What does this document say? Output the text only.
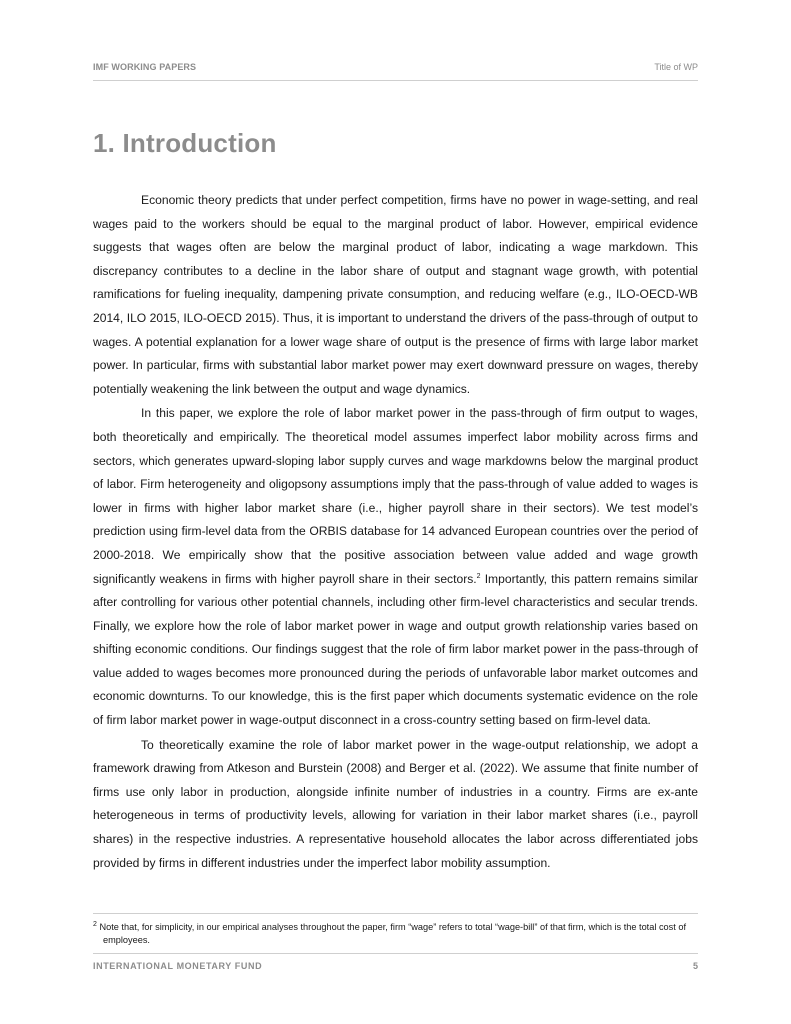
IMF WORKING PAPERS	Title of WP
1. Introduction

Economic theory predicts that under perfect competition, firms have no power in wage-setting, and real wages paid to the workers should be equal to the marginal product of labor. However, empirical evidence suggests that wages often are below the marginal product of labor, indicating a wage markdown. This discrepancy contributes to a decline in the labor share of output and stagnant wage growth, with potential ramifications for fueling inequality, dampening private consumption, and reducing welfare (e.g., ILO-OECD-WB 2014, ILO 2015, ILO-OECD 2015). Thus, it is important to understand the drivers of the pass-through of output to wages. A potential explanation for a lower wage share of output is the presence of firms with large labor market power. In particular, firms with substantial labor market power may exert downward pressure on wages, thereby potentially weakening the link between the output and wage dynamics.

In this paper, we explore the role of labor market power in the pass-through of firm output to wages, both theoretically and empirically. The theoretical model assumes imperfect labor mobility across firms and sectors, which generates upward-sloping labor supply curves and wage markdowns below the marginal product of labor. Firm heterogeneity and oligopsony assumptions imply that the pass-through of value added to wages is lower in firms with higher labor market share (i.e., higher payroll share in their sectors). We test model’s prediction using firm-level data from the ORBIS database for 14 advanced European countries over the period of 2000-2018. We empirically show that the positive association between value added and wage growth significantly weakens in firms with higher payroll share in their sectors.$^2$ Importantly, this pattern remains similar after controlling for various other potential channels, including other firm-level characteristics and secular trends. Finally, we explore how the role of labor market power in wage and output growth relationship varies based on shifting economic conditions. Our findings suggest that the role of firm labor market power in the pass-through of value added to wages becomes more pronounced during the periods of unfavorable labor market outcomes and economic downturns. To our knowledge, this is the first paper which documents systematic evidence on the role of firm labor market power in wage-output disconnect in a cross-country setting based on firm-level data.

To theoretically examine the role of labor market power in the wage-output relationship, we adopt a framework drawing from Atkeson and Burstein (2008) and Berger et al. (2022). We assume that finite number of firms use only labor in production, alongside infinite number of industries in a country. Firms are ex-ante heterogeneous in terms of productivity levels, allowing for variation in their labor market shares (i.e., payroll shares) in the respective industries. A representative household allocates the labor across differentiated jobs provided by firms in different industries under the imperfect labor mobility assumption.

$^2$ Note that, for simplicity, in our empirical analyses throughout the paper, firm “wage” refers to total “wage-bill” of that firm, which is the total cost of employees.
INTERNATIONAL MONETARY FUND	5
